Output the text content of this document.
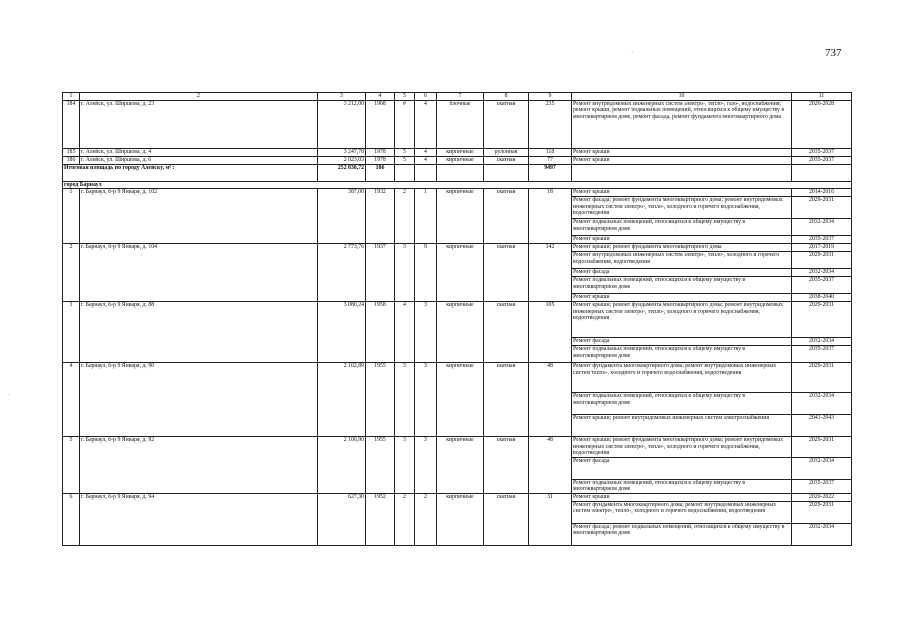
737
1	2	3	4	5	6	7	8	9	10	11
184	г. Алейск, ул. Ширшова, д. 23	3 212,00	1968	#	4	блочные	скатная	235	Ремонт внутридомовых инженерных систем электро-, тепло-, газо-, водоснабжения; ремонт крыши, ремонт подвальных помещений, относящихся к общему имуществу в многоквартирном доме, ремонт фасада, ремонт фундамента многоквартирного дома	2026-2028
185	г. Алейск, ул. Ширшова, д. 4	3 247,78	1978	5	4	кирпичные	рулонная	118	Ремонт крыши	2035-2037
186	г. Алейск, ул. Ширшова, д. 6	2 023,03	1978	5	4	кирпичные	скатная	77	Ремонт крыши	2035-2037
Итоговая площадь по городу Алейску, м² :		252 838,72	186					9497		
город Барнаул										
1	г. Барнаул, б-р 9 Января, д. 102	387,00	1932	2	1	кирпичные	скатная	18	Ремонт крыши	2014-2016
									Ремонт фасада; ремонт фундамента многоквартирного дома; ремонт внутридомовых инженерных систем электро-, тепло-, холодного и горячего водоснабжения, водоотведения	2029-2031
									Ремонт подвальных помещений, относящихся к общему имуществу в многоквартирном доме	2032-2034
									Ремонт крыши	2035-2037
2	г. Барнаул, б-р 9 Января, д. 104	2 773,76	1937	3	9	кирпичные	скатная	142	Ремонт крыши; ремонт фундамента многоквартирного дома	2017-2019
									Ремонт внутридомовых инженерных систем электро-, тепло-, холодного и горячего водоснабжения, водоотведения	2029-2031
									Ремонт фасада	2032-2034
									Ремонт подвальных помещений, относящихся к общему имуществу в многоквартирном доме	2035-2037
									Ремонт крыши	2038-2040
3	г. Барнаул, б-р 9 Января, д. 88	3 080,24	1958	4	3	кирпичные	скатная	105	Ремонт крыши; ремонт фундамента многоквартирного дома; ремонт внутридомовых инженерных систем электро-, тепло-, холодного и горячего водоснабжения, водоотведения	2029-2031
									Ремонт фасада	2032-2034
									Ремонт подвальных помещений, относящихся к общему имуществу в многоквартирном доме	2035-2037
4	г. Барнаул, б-р 9 Января, д. 90	2 102,89	1955	3	3	кирпичные	скатная	48	Ремонт фундамента многоквартирного дома; ремонт внутридомовых инженерных систем тепло-, холодного и горячего водоснабжения, водоотведения	2029-2031
									Ремонт подвальных помещений, относящихся к общему имуществу в многоквартирном доме	2032-2034
									Ремонт крыши; ремонт внутридомовых инженерных систем электроснабжения	2041-2043
5	г. Барнаул, б-р 9 Января, д. 92	2 106,90	1955	3	3	кирпичные	скатная	48	Ремонт крыши; ремонт фундамента многоквартирного дома; ремонт внутридомовых инженерных систем электро-, тепло-, холодного и горячего водоснабжения, водоотведения	2029-2031
									Ремонт фасада	2032-2034
									Ремонт подвальных помещений, относящихся к общему имуществу в многоквартирном доме	2035-2037
6	г. Барнаул, б-р 9 Января, д. 94	627,30	1952	2	2	кирпичные	скатная	31	Ремонт крыши	2020-2022
									Ремонт фундамента многоквартирного дома; ремонт внутридомовых инженерных систем электро-, тепло-, холодного и горячего водоснабжения, водоотведения	2029-2031
									Ремонт фасада; ремонт подвальных помещений, относящихся к общему имуществу в многоквартирном доме	2032-2034
·
ˈ
